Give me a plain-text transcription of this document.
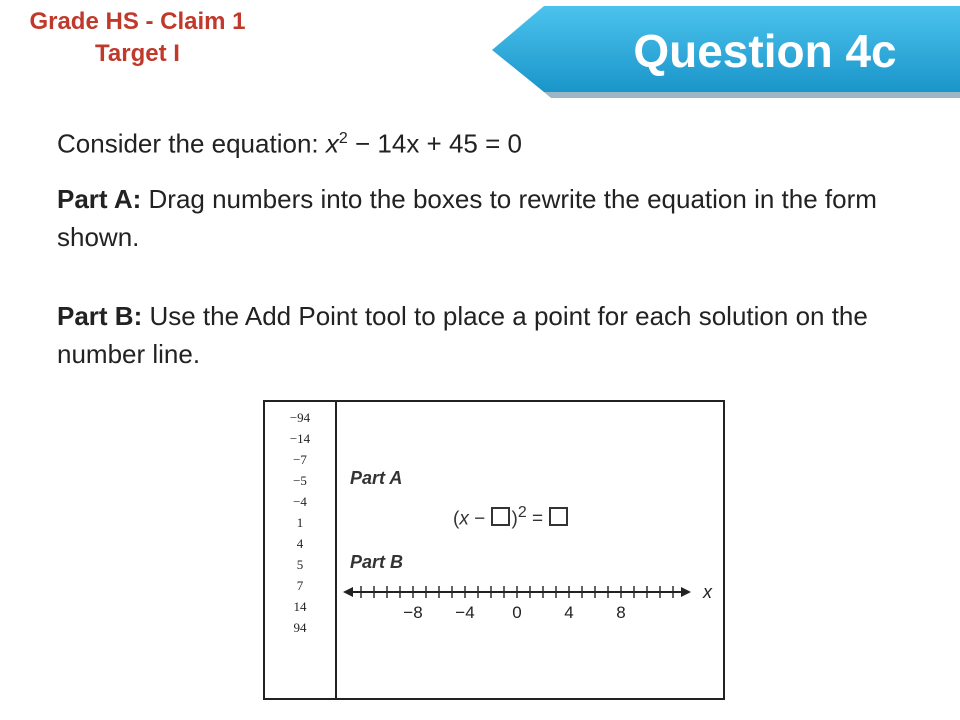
Grade HS - Claim 1
Target I	Question 4c
Consider the equation: $x^2 - 14x + 45 = 0$
Part A: Drag numbers into the boxes to rewrite the equation in the form shown.
Part B: Use the Add Point tool to place a point for each solution on the number line.
−94
−14
−7
−5
−4
1
4
5
7
14
94
Part A
$(x - )^2$ =
Part B
−8 −4 0	4	8
x
